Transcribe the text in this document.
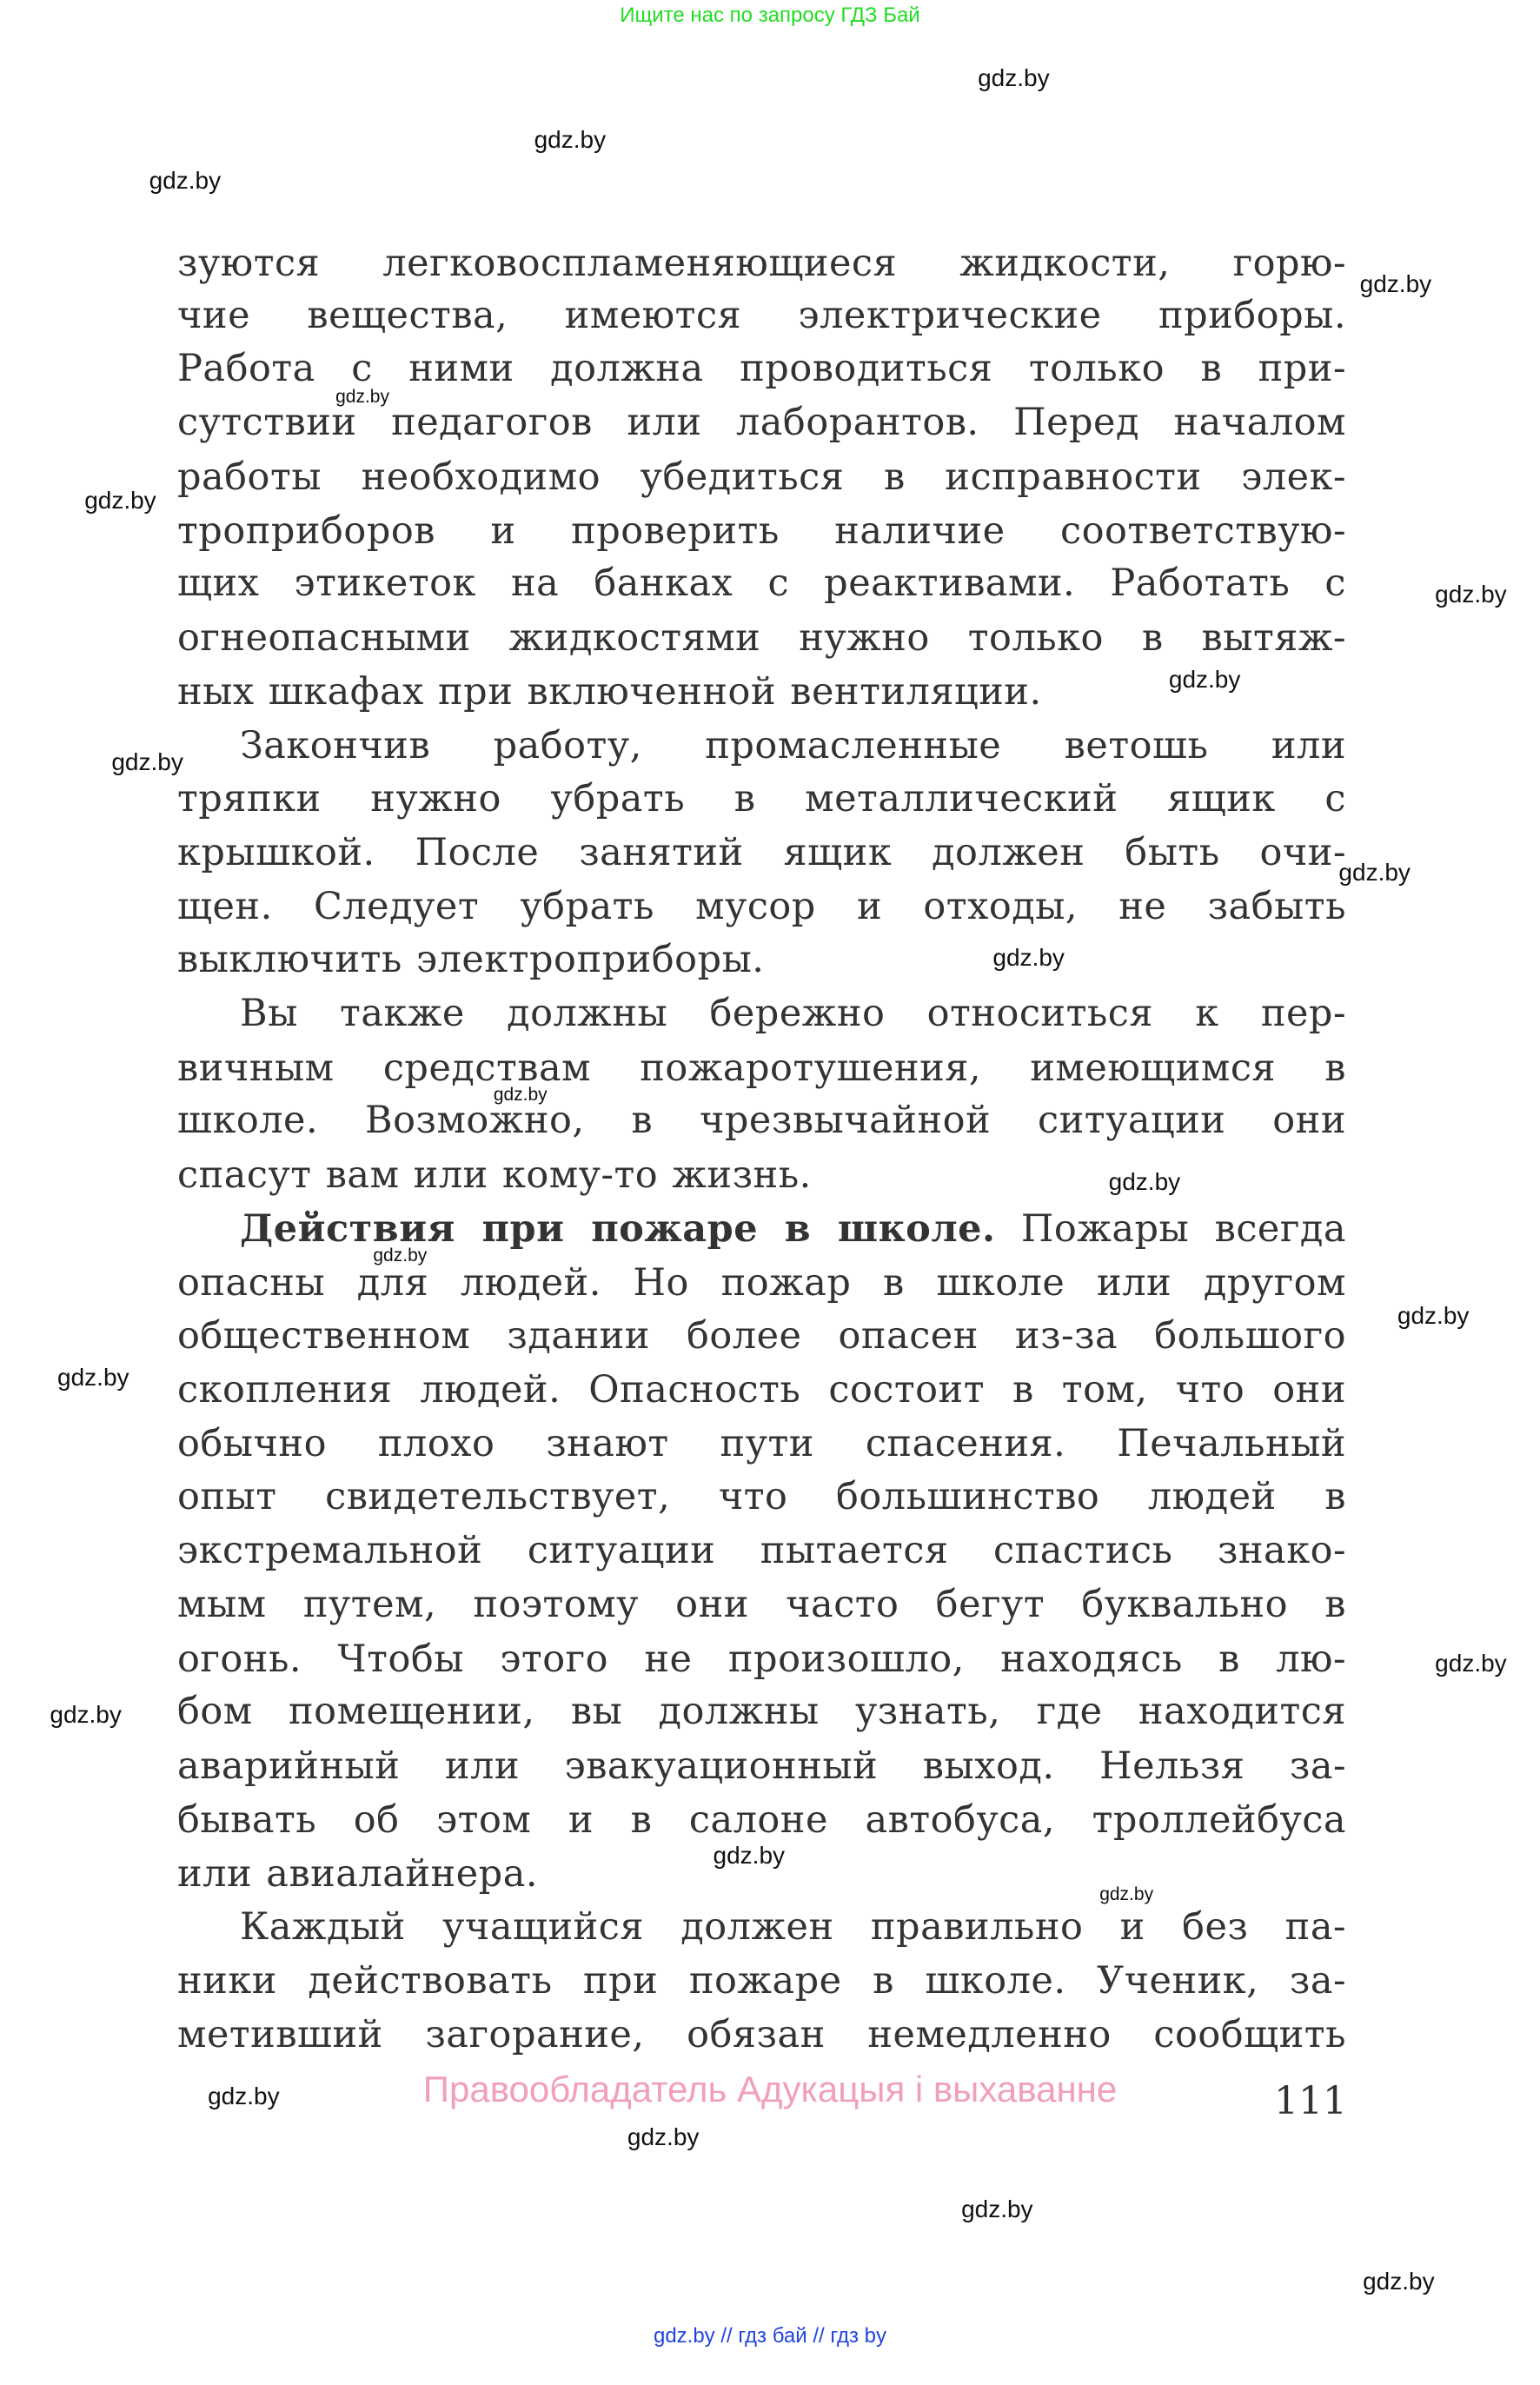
Ищите нас по запросу ГДЗ Бай
зуются легковоспламеняющиеся жидкости, горю-
чие вещества, имеются электрические приборы.
Работа с ними должна проводиться только в при-
сутствии педагогов или лаборантов. Перед началом
работы необходимо убедиться в исправности элек-
троприборов и проверить наличие соответствую-
щих этикеток на банках с реактивами. Работать с
огнеопасными жидкостями нужно только в вытяж-
ных шкафах при включенной вентиляции.
Закончив работу, промасленные ветошь или
тряпки нужно убрать в металлический ящик с
крышкой. После занятий ящик должен быть очи-
щен. Следует убрать мусор и отходы, не забыть
выключить электроприборы.
Вы также должны бережно относиться к пер-
вичным средствам пожаротушения, имеющимся в
школе. Возможно, в чрезвычайной ситуации они
спасут вам или кому-то жизнь.
Действия при пожаре в школе. Пожары всегда
опасны для людей. Но пожар в школе или другом
общественном здании более опасен из-за большого
скопления людей. Опасность состоит в том, что они
обычно плохо знают пути спасения. Печальный
опыт свидетельствует, что большинство людей в
экстремальной ситуации пытается спастись знако-
мым путем, поэтому они часто бегут буквально в
огонь. Чтобы этого не произошло, находясь в лю-
бом помещении, вы должны узнать, где находится
аварийный или эвакуационный выход. Нельзя за-
бывать об этом и в салоне автобуса, троллейбуса
или авиалайнера.
Каждый учащийся должен правильно и без па-
ники действовать при пожаре в школе. Ученик, за-
метивший загорание, обязан немедленно сообщить
gdz.by
gdz.by
gdz.by
gdz.by
gdz.by
gdz.by
gdz.by
gdz.by
gdz.by
gdz.by
gdz.by
gdz.by
gdz.by
gdz.by
gdz.by
gdz.by
gdz.by
gdz.by
gdz.by
gdz.by
gdz.by
gdz.by
gdz.by
gdz.by
Правообладатель Адукацыя і выхаванне	111
gdz.by // гдз бай // гдз by
